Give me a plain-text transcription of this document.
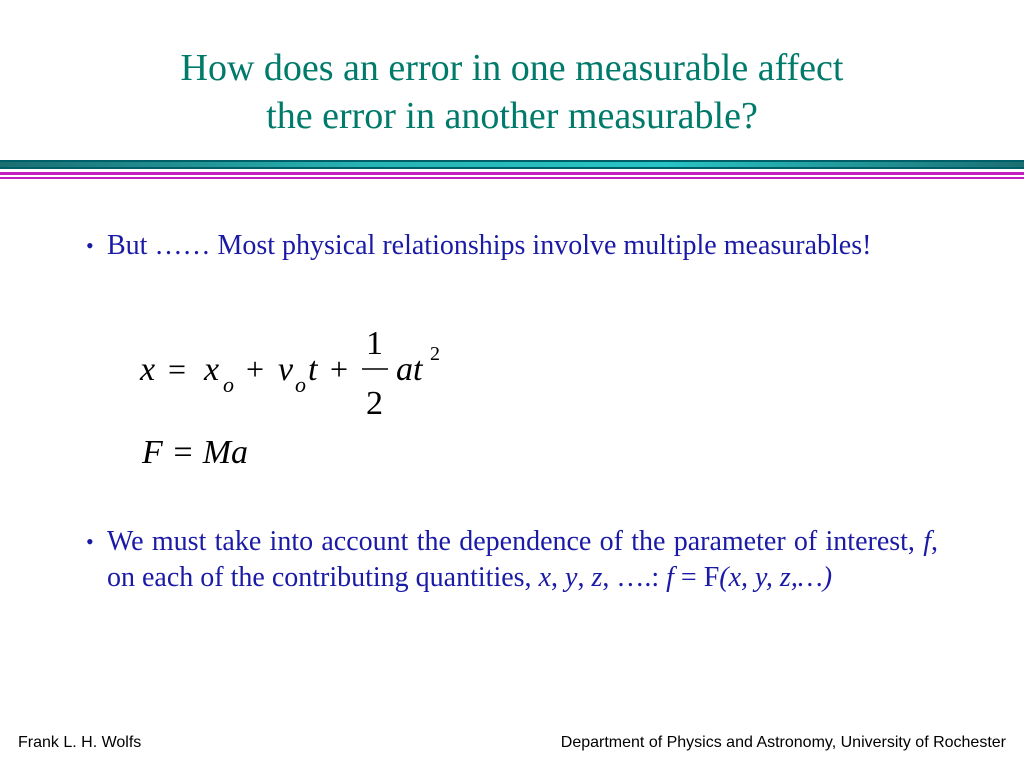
How does an error in one measurable affect
the error in another measurable?
• But …… Most physical relationships involve multiple measurables!
x = x o + v o t +
1
2
at 2
F = Ma
• We must take into account the dependence of the parameter of interest, f, on each of the contributing quantities, x, y, z, ….: f = F(x, y, z,…)
Frank L. H. Wolfs	Department of Physics and Astronomy, University of Rochester
